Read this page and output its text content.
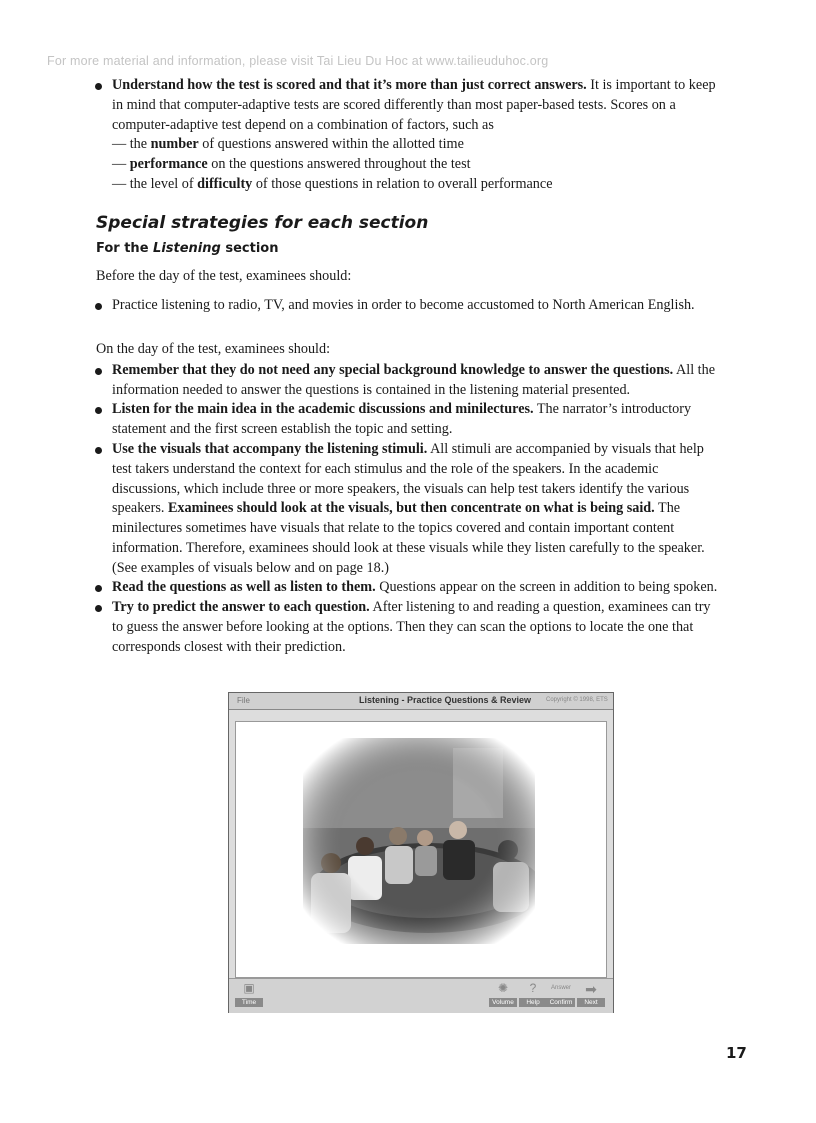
For more material and information, please visit Tai Lieu Du Hoc at www.tailieuduhoc.org
Understand how the test is scored and that it’s more than just correct answers. It is important to keep
in mind that computer-adaptive tests are scored differently than most paper-based tests. Scores on a
computer-adaptive test depend on a combination of factors, such as
— the number of questions answered within the allotted time
— performance on the questions answered throughout the test
— the level of difficulty of those questions in relation to overall performance
Special strategies for each section
For the Listening section
Before the day of the test, examinees should:
Practice listening to radio, TV, and movies in order to become accustomed to North American English.
On the day of the test, examinees should:
Remember that they do not need any special background knowledge to answer the questions. All the
information needed to answer the questions is contained in the listening material presented.
Listen for the main idea in the academic discussions and minilectures. The narrator’s introductory
statement and the first screen establish the topic and setting.
Use the visuals that accompany the listening stimuli. All stimuli are accompanied by visuals that help
test takers understand the context for each stimulus and the role of the speakers. In the academic
discussions, which include three or more speakers, the visuals can help test takers identify the various
speakers. Examinees should look at the visuals, but then concentrate on what is being said. The
minilectures sometimes have visuals that relate to the topics covered and contain important content
information. Therefore, examinees should look at these visuals while they listen carefully to the speaker.
(See examples of visuals below and on page 18.)
Read the questions as well as listen to them. Questions appear on the screen in addition to being spoken.
Try to predict the answer to each question. After listening to and reading a question, examinees can try
to guess the answer before looking at the options. Then they can scan the options to locate the one that
corresponds closest with their prediction.
File	Listening - Practice Questions & Review Copyright © 1998, ETS
▣
Time
✺
Volume
?
Help
Answer
Confirm
➡
Next
17
